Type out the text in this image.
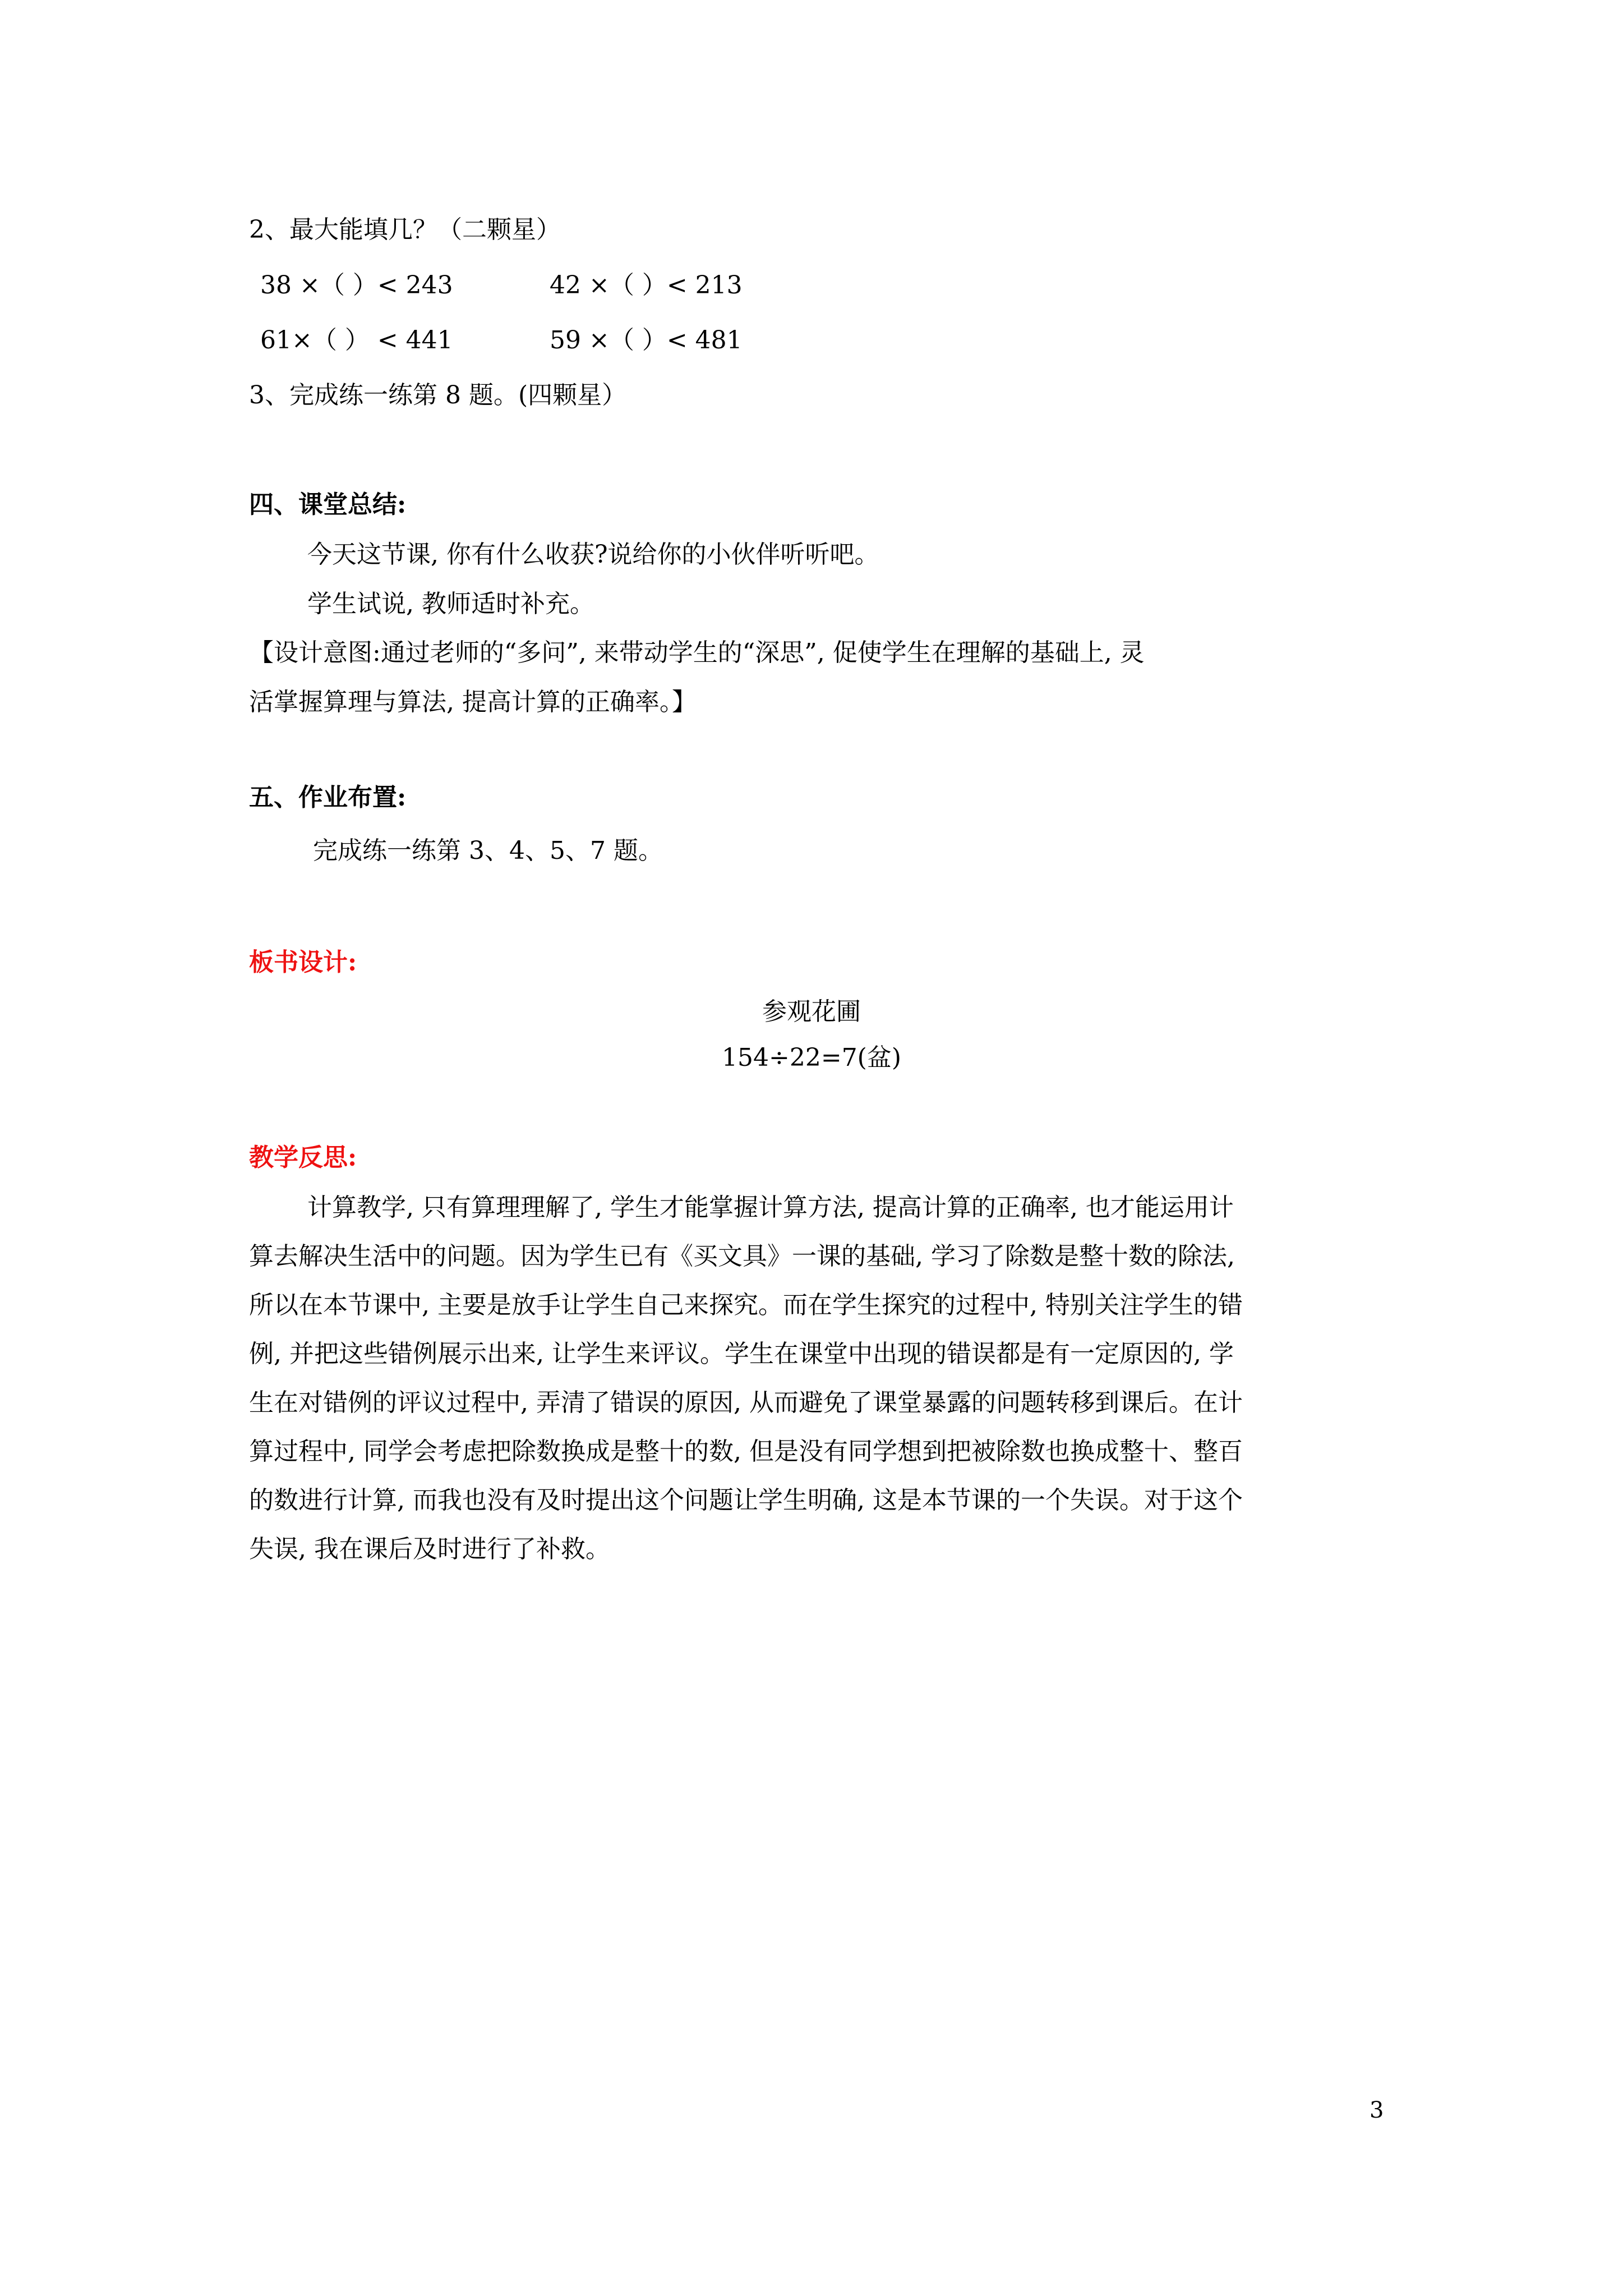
2、最大能填几？（二颗星）
38 ×（ ）< 243	42 ×（ ）< 213
61×（ ） < 441	59 ×（ ）< 481
3、完成练一练第 8 题。(四颗星）
四、课堂总结:
今天这节课, 你有什么收获?说给你的小伙伴听听吧。
学生试说, 教师适时补充。
【设计意图:通过老师的“多问”, 来带动学生的“深思”, 促使学生在理解的基础上, 灵
活掌握算理与算法, 提高计算的正确率。】
五、作业布置:
完成练一练第 3、4、5、7 题。
板书设计:
参观花圃
154÷22=7(盆)
教学反思:
计算教学, 只有算理理解了, 学生才能掌握计算方法, 提高计算的正确率, 也才能运用计
算去解决生活中的问题。因为学生已有《买文具》一课的基础, 学习了除数是整十数的除法,
所以在本节课中, 主要是放手让学生自己来探究。而在学生探究的过程中, 特别关注学生的错
例, 并把这些错例展示出来, 让学生来评议。学生在课堂中出现的错误都是有一定原因的, 学
生在对错例的评议过程中, 弄清了错误的原因, 从而避免了课堂暴露的问题转移到课后。在计
算过程中, 同学会考虑把除数换成是整十的数, 但是没有同学想到把被除数也换成整十、整百
的数进行计算, 而我也没有及时提出这个问题让学生明确, 这是本节课的一个失误。对于这个
失误, 我在课后及时进行了补救。
3
